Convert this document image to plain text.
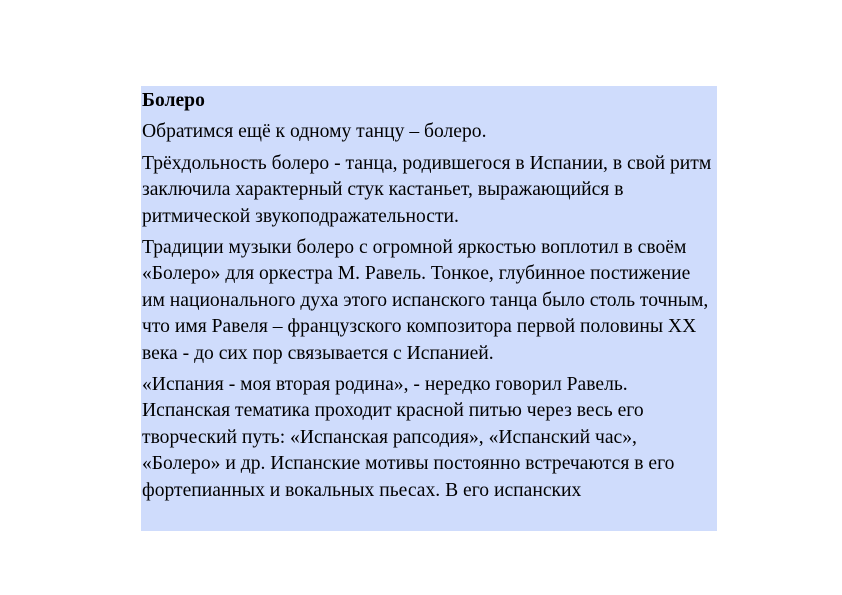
Болеро
Обратимся ещё к одному танцу – болеро.
Трёхдольность болеро - танца, родившегося в Испании, в свой ритм заключила характерный стук кастаньет, выражающийся в ритмической звукоподражательности.
Традиции музыки болеро с огромной яркостью воплотил в своём «Болеро» для оркестра М. Равель. Тонкое, глубинное постижение им национального духа этого испанского танца было столь точным, что имя Равеля – французского композитора первой половины XX века - до сих пор связывается с Испанией.
«Испания - моя вторая родина», - нередко говорил Равель. Испанская тематика проходит красной питью через весь его творческий путь: «Испанская рапсодия», «Испанский час», «Болеро» и др. Испанские мотивы постоянно встречаются в его фортепианных и вокальных пьесах. В его испанских
